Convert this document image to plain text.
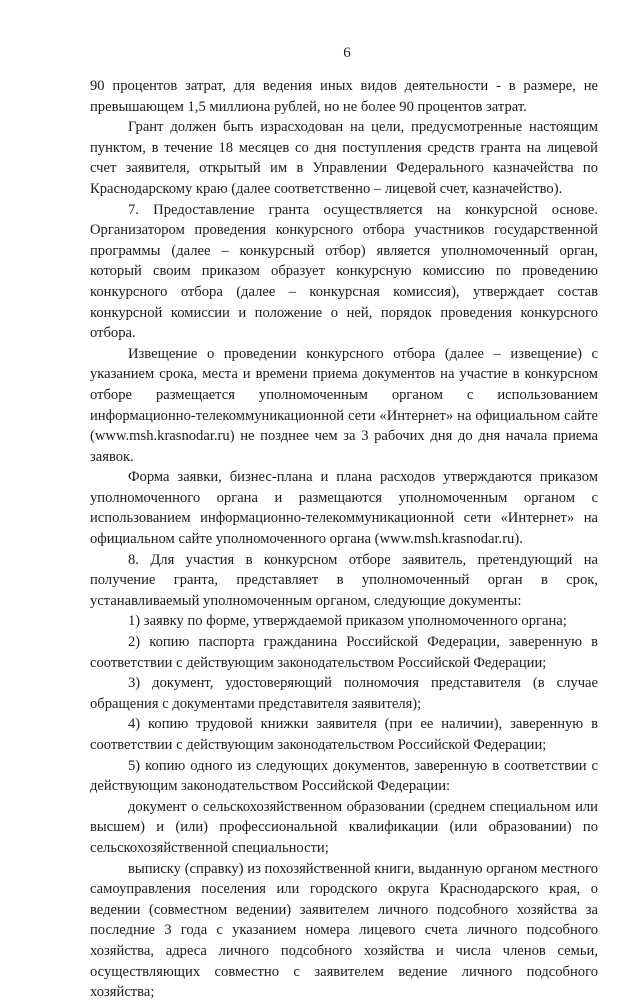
6

90 процентов затрат, для ведения иных видов деятельности - в размере, не превышающем 1,5 миллиона рублей, но не более 90 процентов затрат.

Грант должен быть израсходован на цели, предусмотренные настоящим пунктом, в течение 18 месяцев со дня поступления средств гранта на лицевой счет заявителя, открытый им в Управлении Федерального казначейства по Краснодарскому краю (далее соответственно – лицевой счет, казначейство).

7. Предоставление гранта осуществляется на конкурсной основе. Организатором проведения конкурсного отбора участников государственной программы (далее – конкурсный отбор) является уполномоченный орган, который своим приказом образует конкурсную комиссию по проведению конкурсного отбора (далее – конкурсная комиссия), утверждает состав конкурсной комиссии и положение о ней, порядок проведения конкурсного отбора.

Извещение о проведении конкурсного отбора (далее – извещение) с указанием срока, места и времени приема документов на участие в конкурсном отборе размещается уполномоченным органом с использованием информационно-телекоммуникационной сети «Интернет» на официальном сайте (www.msh.krasnodar.ru) не позднее чем за 3 рабочих дня до дня начала приема заявок.

Форма заявки, бизнес-плана и плана расходов утверждаются приказом уполномоченного органа и размещаются уполномоченным органом с использованием информационно-телекоммуникационной сети «Интернет» на официальном сайте уполномоченного органа (www.msh.krasnodar.ru).

8. Для участия в конкурсном отборе заявитель, претендующий на получение гранта, представляет в уполномоченный орган в срок, устанавливаемый уполномоченным органом, следующие документы:

1) заявку по форме, утверждаемой приказом уполномоченного органа;

2) копию паспорта гражданина Российской Федерации, заверенную в соответствии с действующим законодательством Российской Федерации;

3) документ, удостоверяющий полномочия представителя (в случае обращения с документами представителя заявителя);

4) копию трудовой книжки заявителя (при ее наличии), заверенную в соответствии с действующим законодательством Российской Федерации;

5) копию одного из следующих документов, заверенную в соответствии с действующим законодательством Российской Федерации:

документ о сельскохозяйственном образовании (среднем специальном или высшем) и (или) профессиональной квалификации (или образовании) по сельскохозяйственной специальности;

выписку (справку) из похозяйственной книги, выданную органом местного самоуправления поселения или городского округа Краснодарского края, о ведении (совместном ведении) заявителем личного подсобного хозяйства за последние 3 года с указанием номера лицевого счета личного подсобного хозяйства, адреса личного подсобного хозяйства и числа членов семьи, осуществляющих совместно с заявителем ведение личного подсобного хозяйства;
